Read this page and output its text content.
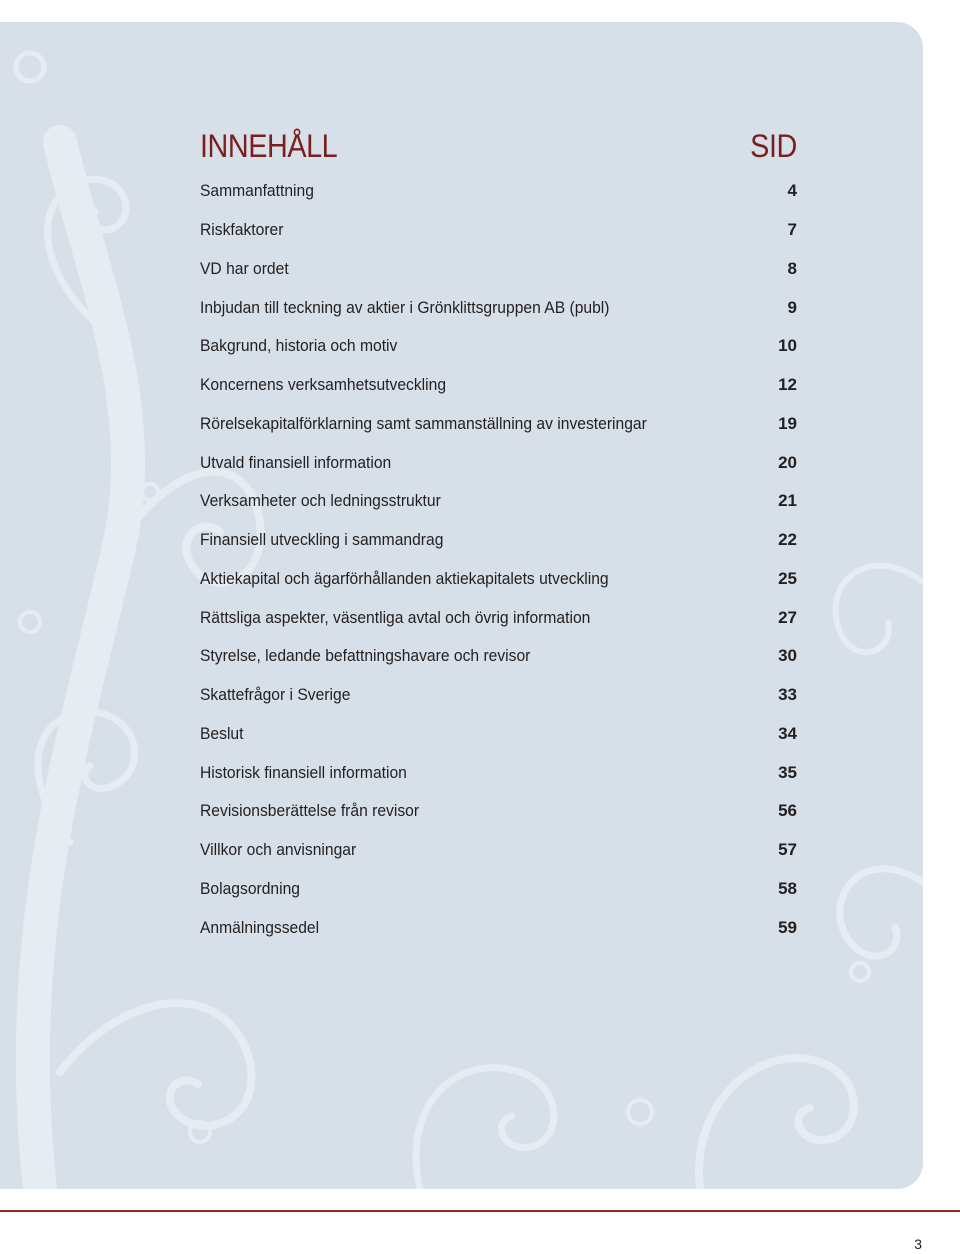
INNEHÅLL	SID
Sammanfattning	4
Riskfaktorer	7
VD har ordet	8
Inbjudan till teckning av aktier i Grönklittsgruppen AB (publ)	9
Bakgrund, historia och motiv	10
Koncernens verksamhetsutveckling	12
Rörelsekapitalförklarning samt sammanställning av investeringar	19
Utvald finansiell information	20
Verksamheter och ledningsstruktur	21
Finansiell utveckling i sammandrag	22
Aktiekapital och ägarförhållanden aktiekapitalets utveckling	25
Rättsliga aspekter, väsentliga avtal och övrig information	27
Styrelse, ledande befattningshavare och revisor	30
Skattefrågor i Sverige	33
Beslut	34
Historisk finansiell information	35
Revisionsberättelse från revisor	56
Villkor och anvisningar	57
Bolagsordning	58
Anmälningssedel	59
3
